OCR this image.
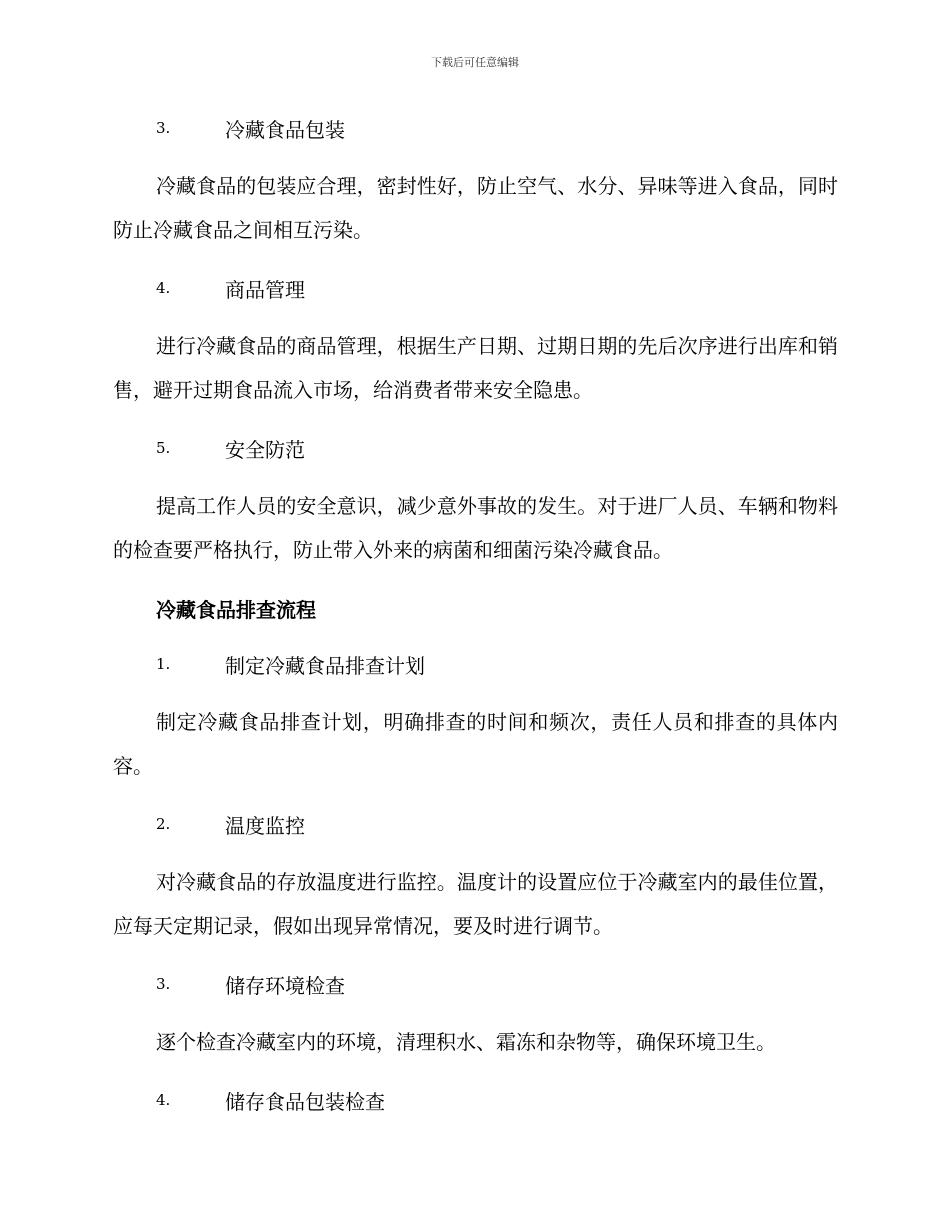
下载后可任意编辑
3.	冷藏食品包装

冷藏食品的包装应合理，密封性好，防止空气、水分、异味等进入食品，同时防止冷藏食品之间相互污染。

4.	商品管理

进行冷藏食品的商品管理，根据生产日期、过期日期的先后次序进行出库和销售，避开过期食品流入市场，给消费者带来安全隐患。

5.	安全防范

提高工作人员的安全意识，减少意外事故的发生。对于进厂人员、车辆和物料的检查要严格执行，防止带入外来的病菌和细菌污染冷藏食品。

冷藏食品排查流程
1.	制定冷藏食品排查计划

制定冷藏食品排查计划，明确排查的时间和频次，责任人员和排查的具体内容。

2.	温度监控

对冷藏食品的存放温度进行监控。温度计的设置应位于冷藏室内的最佳位置，应每天定期记录，假如出现异常情况，要及时进行调节。

3.	储存环境检查

逐个检查冷藏室内的环境，清理积水、霜冻和杂物等，确保环境卫生。

4.	储存食品包装检查
